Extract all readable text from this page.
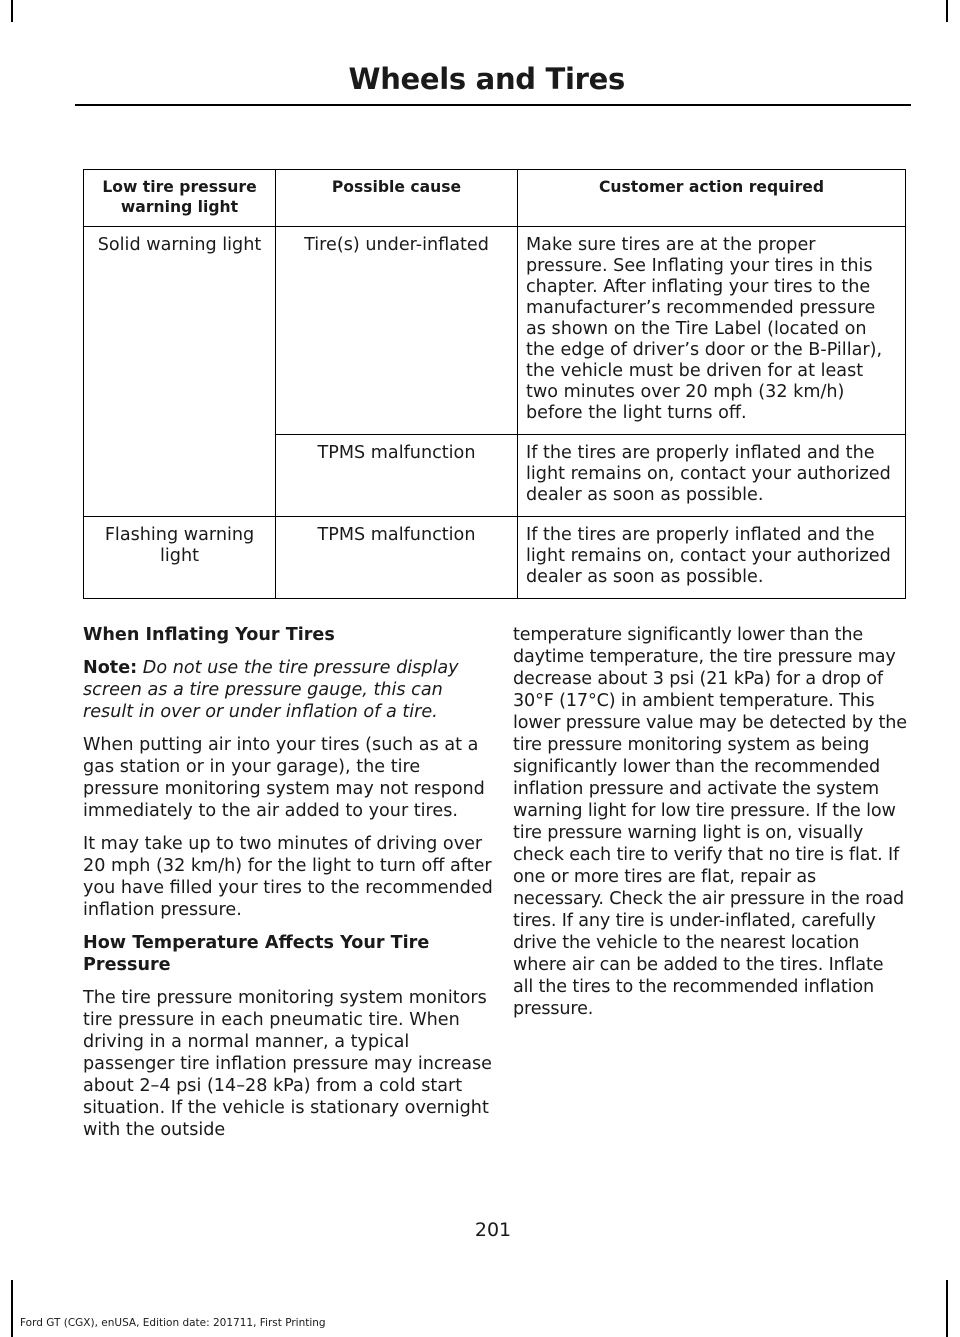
Wheels and Tires
Low tire pressure warning light	Possible cause	Customer action required
Solid warning light	Tire(s) under-inflated	Make sure tires are at the proper pressure. See Inflating your tires in this chapter. After inflating your tires to the manufacturer’s recommended pressure as shown on the Tire Label (located on the edge of driver’s door or the B-Pillar), the vehicle must be driven for at least two minutes over 20 mph (32 km/h) before the light turns off.
	TPMS malfunction	If the tires are properly inflated and the light remains on, contact your authorized dealer as soon as possible.
Flashing warning light	TPMS malfunction	If the tires are properly inflated and the light remains on, contact your authorized dealer as soon as possible.
When Inflating Your Tires

Note: Do not use the tire pressure display screen as a tire pressure gauge, this can result in over or under inflation of a tire.

When putting air into your tires (such as at a gas station or in your garage), the tire pressure monitoring system may not respond immediately to the air added to your tires.

It may take up to two minutes of driving over 20 mph (32 km/h) for the light to turn off after you have filled your tires to the recommended inflation pressure.

How Temperature Affects Your Tire Pressure

The tire pressure monitoring system monitors tire pressure in each pneumatic tire. When driving in a normal manner, a typical passenger tire inflation pressure may increase about 2–4 psi (14–28 kPa) from a cold start situation. If the vehicle is stationary overnight with the outside

temperature significantly lower than the daytime temperature, the tire pressure may decrease about 3 psi (21 kPa) for a drop of 30°F (17°C) in ambient temperature. This lower pressure value may be detected by the tire pressure monitoring system as being significantly lower than the recommended inflation pressure and activate the system warning light for low tire pressure. If the low tire pressure warning light is on, visually check each tire to verify that no tire is flat. If one or more tires are flat, repair as necessary. Check the air pressure in the road tires. If any tire is under-inflated, carefully drive the vehicle to the nearest location where air can be added to the tires. Inflate all the tires to the recommended inflation pressure.

201
Ford GT (CGX), enUSA, Edition date: 201711, First Printing
